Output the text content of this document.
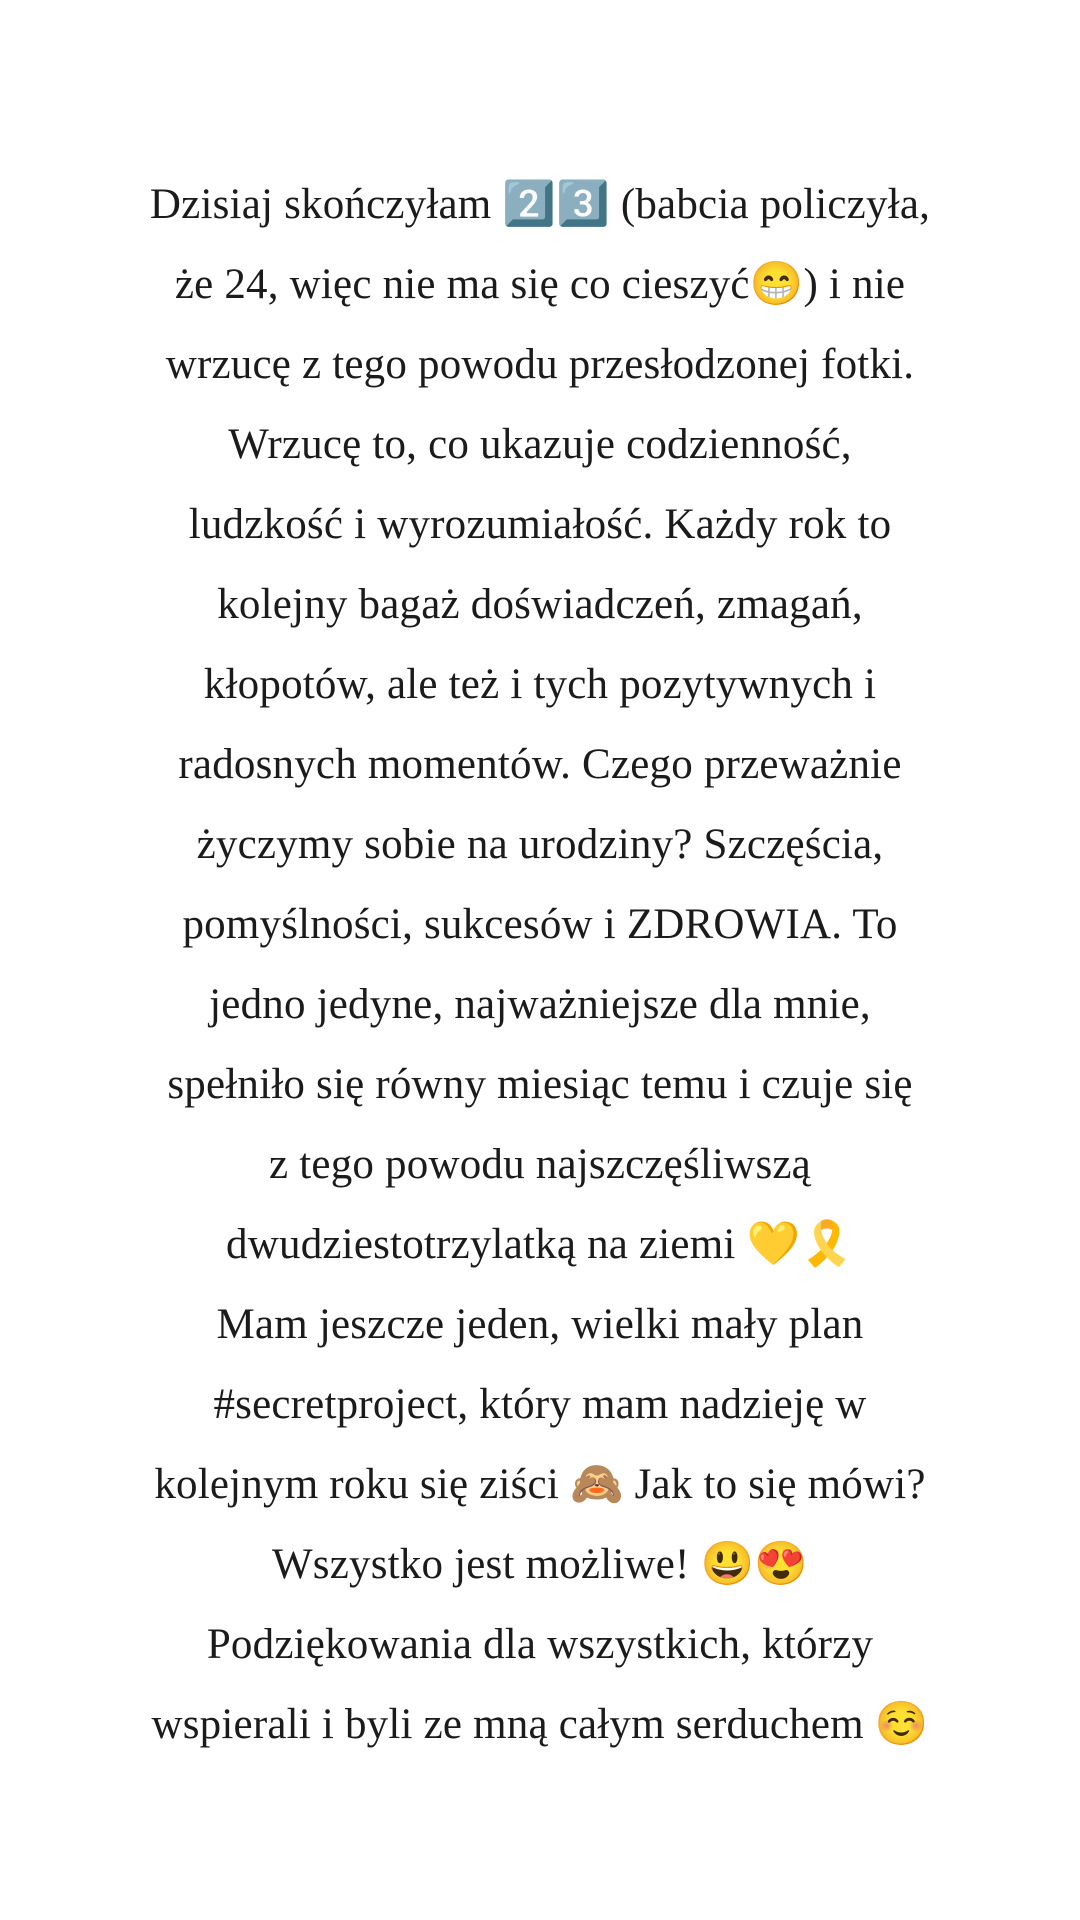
Dzisiaj skończyłam 2️⃣3️⃣ (babcia policzyła,
że 24, więc nie ma się co cieszyć😁) i nie
wrzucę z tego powodu przesłodzonej fotki.
Wrzucę to, co ukazuje codzienność,
ludzkość i wyrozumiałość. Każdy rok to
kolejny bagaż doświadczeń, zmagań,
kłopotów, ale też i tych pozytywnych i
radosnych momentów. Czego przeważnie
życzymy sobie na urodziny? Szczęścia,
pomyślności, sukcesów i ZDROWIA. To
jedno jedyne, najważniejsze dla mnie,
spełniło się równy miesiąc temu i czuje się
z tego powodu najszczęśliwszą
dwudziestotrzylatką na ziemi 💛🎗️
Mam jeszcze jeden, wielki mały plan
#secretproject, który mam nadzieję w
kolejnym roku się ziści 🙈 Jak to się mówi?
Wszystko jest możliwe! 😃😍
Podziękowania dla wszystkich, którzy
wspierali i byli ze mną całym serduchem ☺️
